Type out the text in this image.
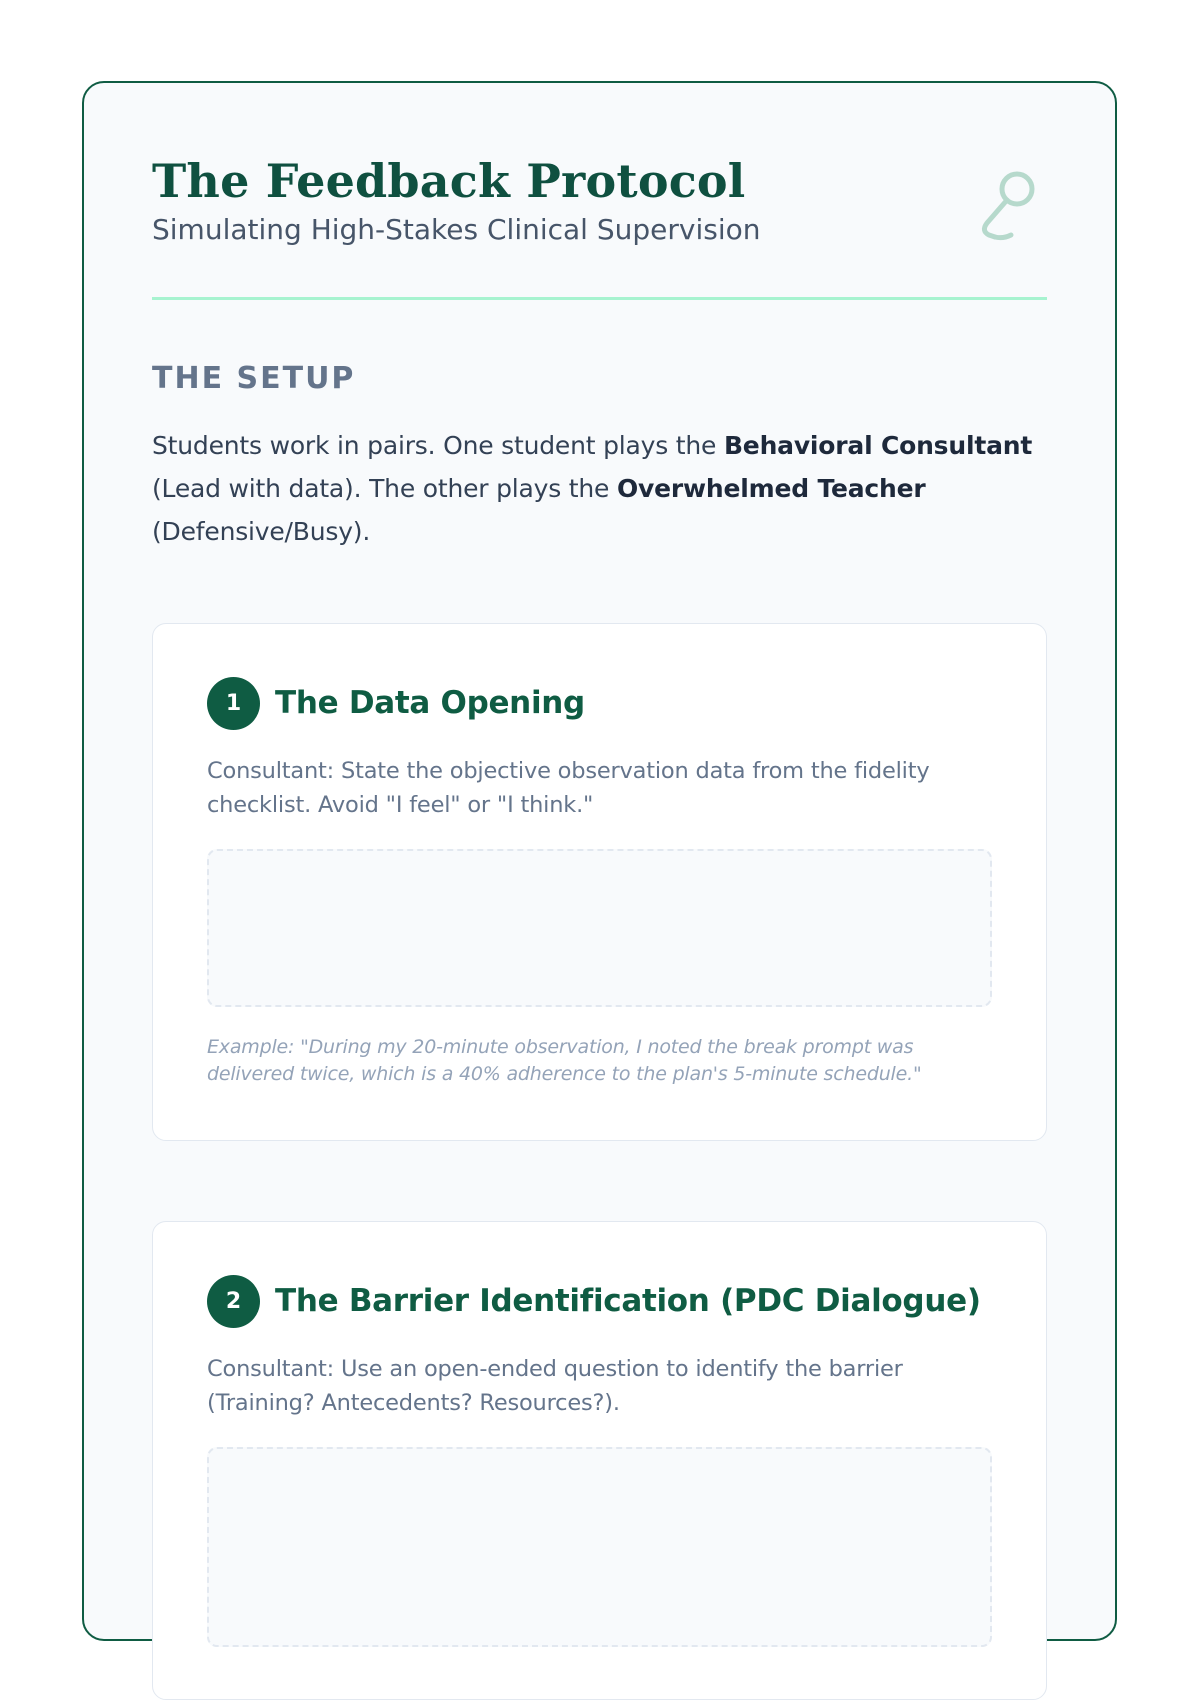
The Feedback Protocol
Simulating High-Stakes Clinical Supervision
THE SETUP
Students work in pairs. One student plays the Behavioral Consultant (Lead with data). The other plays the Overwhelmed Teacher (Defensive/Busy).
1	The Data Opening
Consultant: State the objective observation data from the fidelity checklist. Avoid "I feel" or "I think."
Example: "During my 20-minute observation, I noted the break prompt was delivered twice, which is a 40% adherence to the plan's 5-minute schedule."
2	The Barrier Identification (PDC Dialogue)
Consultant: Use an open-ended question to identify the barrier (Training? Antecedents? Resources?).
